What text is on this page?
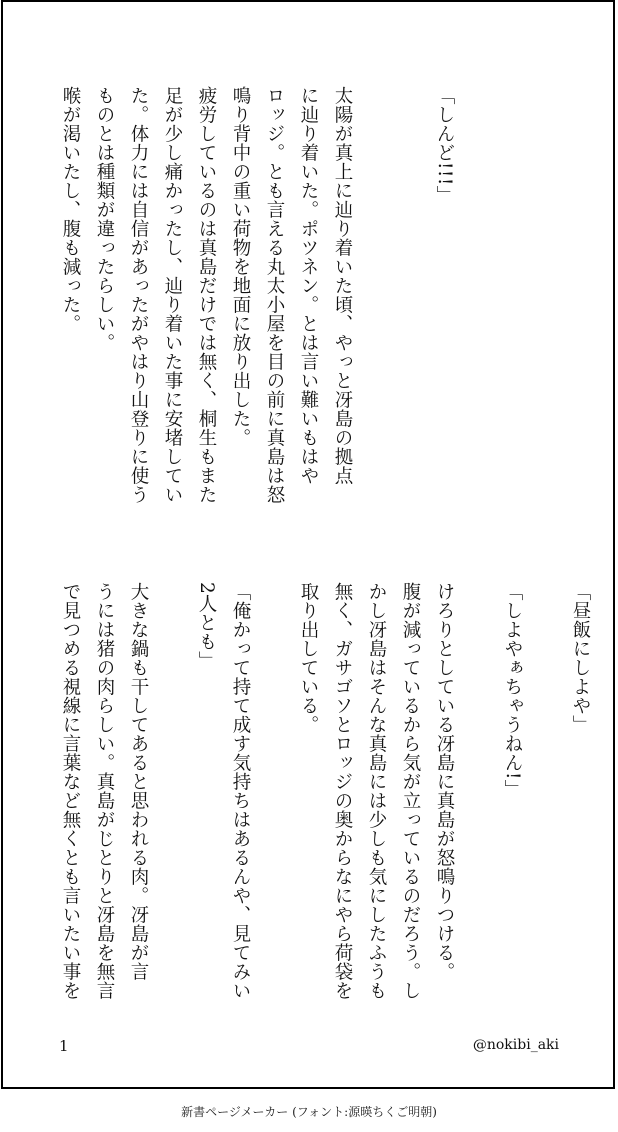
「しんど!!!」

太陽が真上に辿り着いた頃、やっと冴島の拠点
に辿り着いた。ポツネン。とは言い難いもはや
ロッジ。とも言える丸太小屋を目の前に真島は怒
鳴り背中の重い荷物を地面に放り出した。
疲労しているのは真島だけでは無く、桐生もまた
足が少し痛かったし、辿り着いた事に安堵してい
た。体力には自信があったがやはり山登りに使う
ものとは種類が違ったらしい。
喉が渇いたし、腹も減った。
「昼飯にしよや」

「しよやぁちゃうねん!」

けろりとしている冴島に真島が怒鳴りつける。
腹が減っているから気が立っているのだろう。し
かし冴島はそんな真島には少しも気にしたふうも
無く、ガサゴソとロッジの奥からなにやら荷袋を
取り出している。

「俺かって持て成す気持ちはあるんや、見てみい
2人とも」

大きな鍋も干してあると思われる肉。冴島が言
うには猪の肉らしい。真島がじとりと冴島を無言
で見つめる視線に言葉など無くとも言いたい事を
1	@nokibi_aki
新書ページメーカー (フォント:源暎ちくご明朝)
